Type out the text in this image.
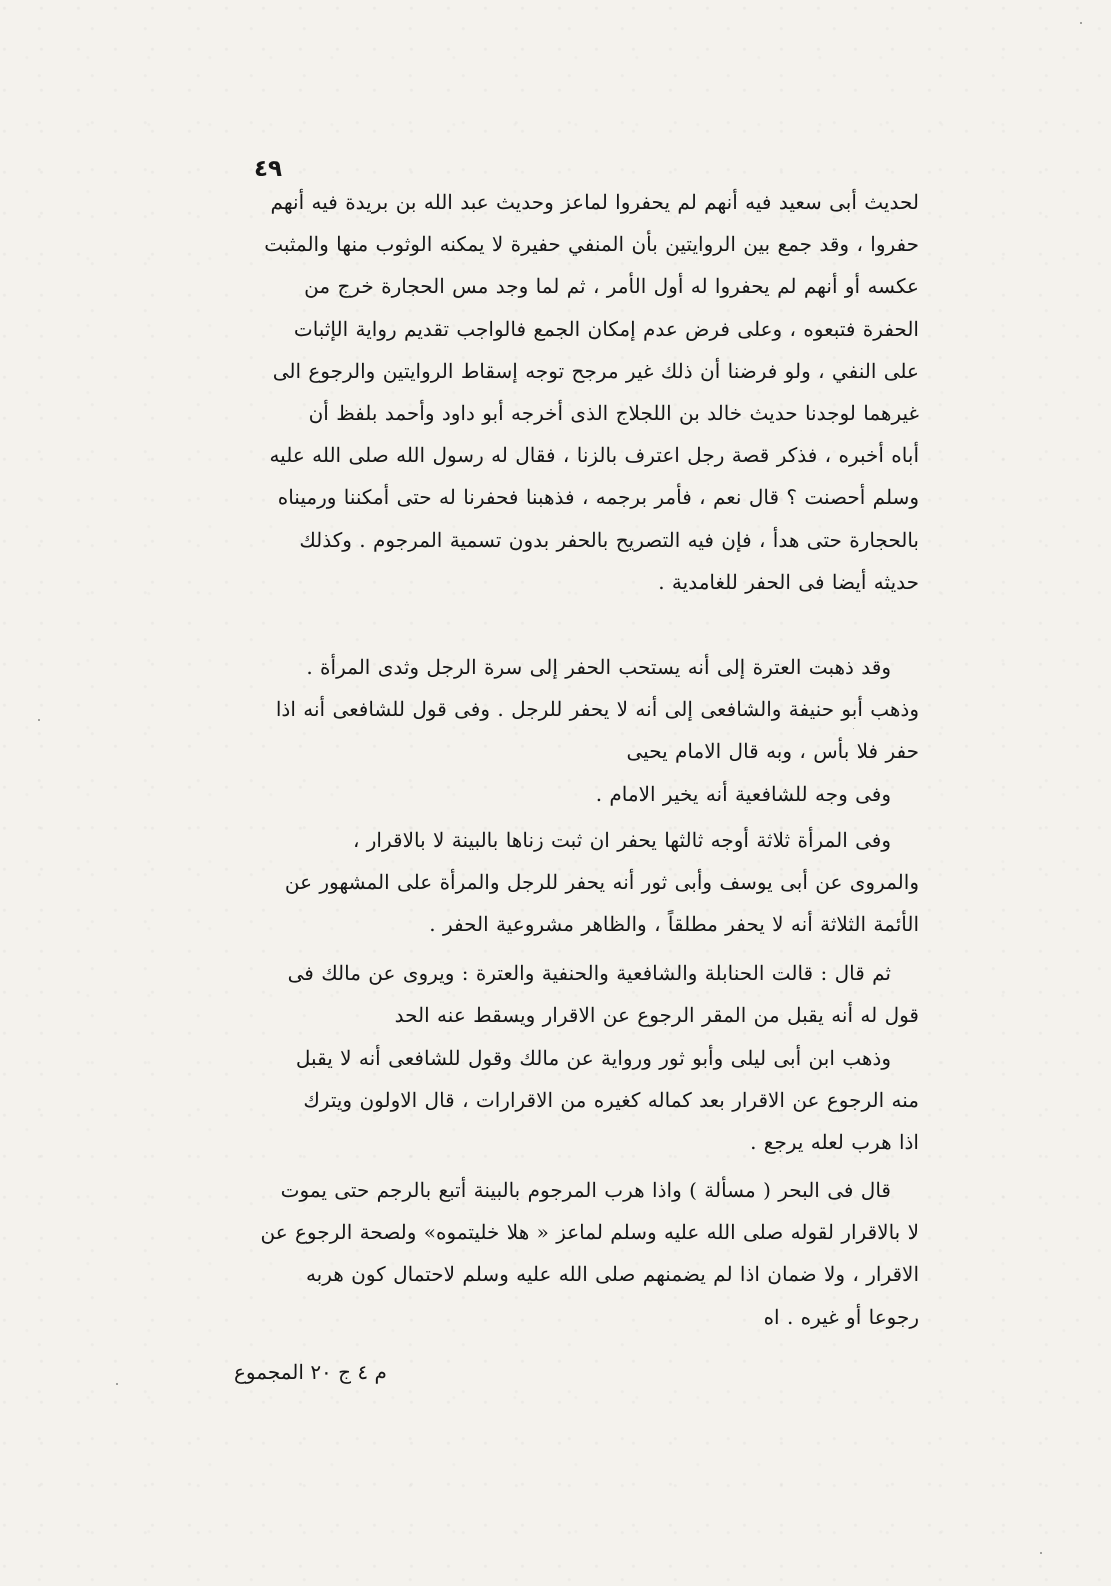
٤٩
لحديث أبى سعيد فيه أنهم لم يحفروا لماعز وحديث عبد الله بن بريدة فيه أنهم
حفروا ، وقد جمع بين الروايتين بأن المنفي حفيرة لا يمكنه الوثوب منها والمثبت
عكسه أو أنهم لم يحفروا له أول الأمر ، ثم لما وجد مس الحجارة خرج من
الحفرة فتبعوه ، وعلى فرض عدم إمكان الجمع فالواجب تقديم رواية الإثبات
على النفي ، ولو فرضنا أن ذلك غير مرجح توجه إسقاط الروايتين والرجوع الى
غيرهما لوجدنا حديث خالد بن اللجلاج الذى أخرجه أبو داود وأحمد بلفظ أن
أباه أخبره ، فذكر قصة رجل اعترف بالزنا ، فقال له رسول الله صلى الله عليه
وسلم أحصنت ؟ قال نعم ، فأمر برجمه ، فذهبنا فحفرنا له حتى أمكننا ورميناه
بالحجارة حتى هدأ ، فإن فيه التصريح بالحفر بدون تسمية المرجوم . وكذلك
حديثه أيضا فى الحفر للغامدية .
وقد ذهبت العترة إلى أنه يستحب الحفر إلى سرة الرجل وثدى المرأة .
وذهب أبو حنيفة والشافعى إلى أنه لا يحفر للرجل . وفى قول للشافعى أنه اذا
حفر فلا بأس ، وبه قال الامام يحيى
وفى وجه للشافعية أنه يخير الامام .
وفى المرأة ثلاثة أوجه ثالثها يحفر ان ثبت زناها بالبينة لا بالاقرار ،
والمروى عن أبى يوسف وأبى ثور أنه يحفر للرجل والمرأة على المشهور عن
الأئمة الثلاثة أنه لا يحفر مطلقاً ، والظاهر مشروعية الحفر .
ثم قال : قالت الحنابلة والشافعية والحنفية والعترة : ويروى عن مالك فى
قول له أنه يقبل من المقر الرجوع عن الاقرار ويسقط عنه الحد
وذهب ابن أبى ليلى وأبو ثور ورواية عن مالك وقول للشافعى أنه لا يقبل
منه الرجوع عن الاقرار بعد كماله كغيره من الاقرارات ، قال الاولون ويترك
اذا هرب لعله يرجع .
قال فى البحر ( مسألة ) واذا هرب المرجوم بالبينة أتبع بالرجم حتى يموت
لا بالاقرار لقوله صلى الله عليه وسلم لماعز « هلا خليتموه» ولصحة الرجوع عن
الاقرار ، ولا ضمان اذا لم يضمنهم صلى الله عليه وسلم لاحتمال كون هربه
رجوعا أو غيره . اه
م ٤ ج ٢٠ المجموع
